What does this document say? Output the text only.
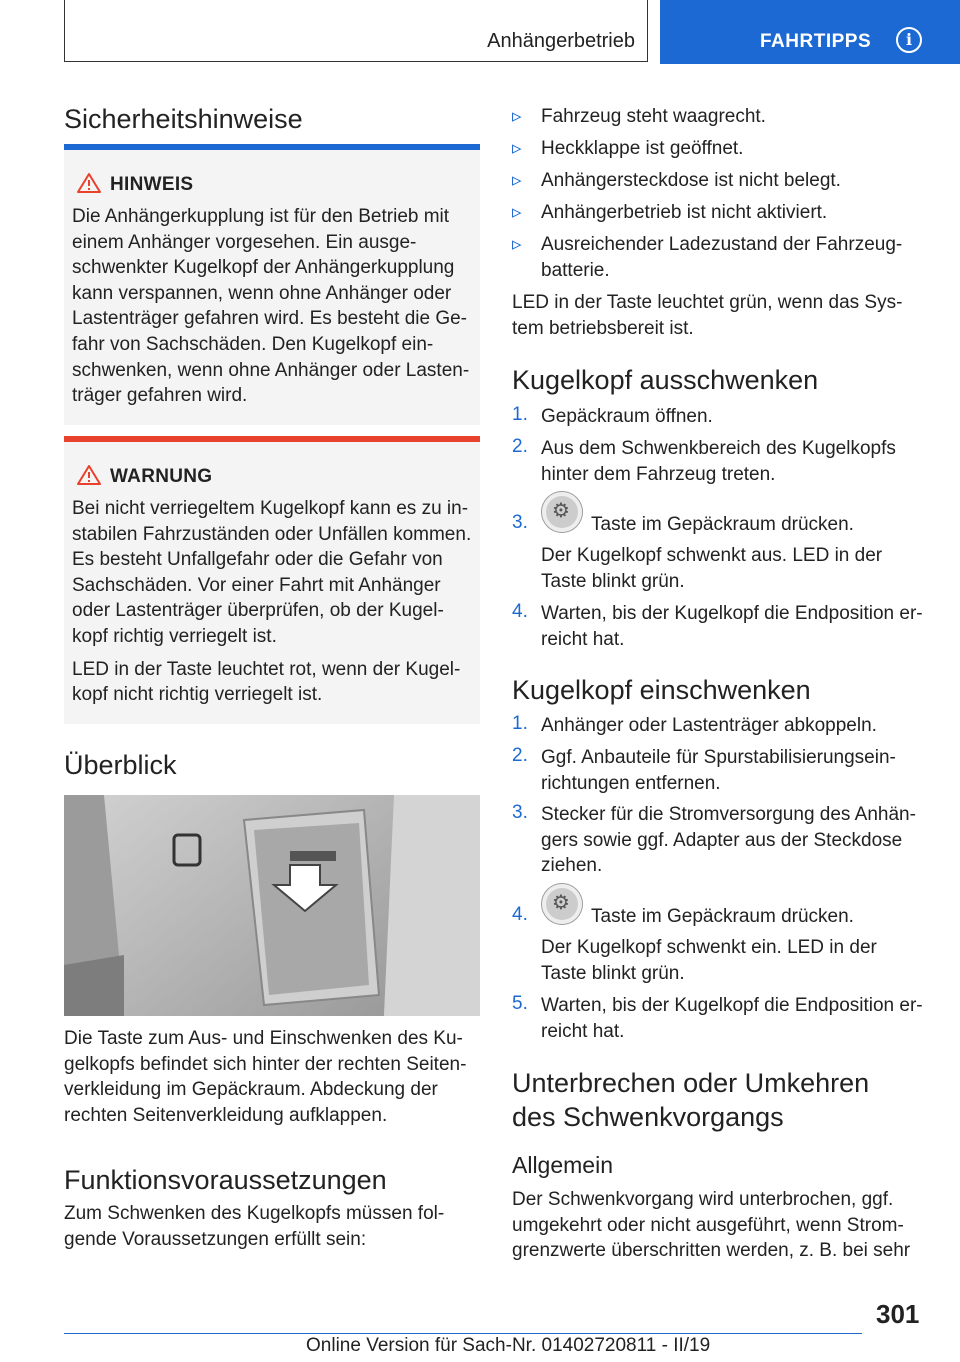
Anhängerbetrieb	FAHRTIPPS	i
Sicherheitshinweise
HINWEIS
Die Anhängerkupplung ist für den Betrieb mit
einem Anhänger vorgesehen. Ein ausge-
schwenkter Kugelkopf der Anhängerkupplung
kann verspannen, wenn ohne Anhänger oder
Lastenträger gefahren wird. Es besteht die Ge-
fahr von Sachschäden. Den Kugelkopf ein-
schwenken, wenn ohne Anhänger oder Lasten-
träger gefahren wird.
WARNUNG
Bei nicht verriegeltem Kugelkopf kann es zu in-
stabilen Fahrzuständen oder Unfällen kommen.
Es besteht Unfallgefahr oder die Gefahr von
Sachschäden. Vor einer Fahrt mit Anhänger
oder Lastenträger überprüfen, ob der Kugel-
kopf richtig verriegelt ist.
LED in der Taste leuchtet rot, wenn der Kugel-
kopf nicht richtig verriegelt ist.
Überblick
Die Taste zum Aus- und Einschwenken des Ku-
gelkopfs befindet sich hinter der rechten Seiten-
verkleidung im Gepäckraum. Abdeckung der
rechten Seitenverkleidung aufklappen.
Funktionsvoraussetzungen
Zum Schwenken des Kugelkopfs müssen fol-
gende Voraussetzungen erfüllt sein:
▹ Fahrzeug steht waagrecht.
▹ Heckklappe ist geöffnet.
▹ Anhängersteckdose ist nicht belegt.
▹ Anhängerbetrieb ist nicht aktiviert.
▹ Ausreichender Ladezustand der Fahrzeug-
batterie.
LED in der Taste leuchtet grün, wenn das Sys-
tem betriebsbereit ist.
Kugelkopf ausschwenken
1. Gepäckraum öffnen.
2. Aus dem Schwenkbereich des Kugelkopfs
hinter dem Fahrzeug treten.
3. ⚙	Taste im Gepäckraum drücken.
Der Kugelkopf schwenkt aus. LED in der
Taste blinkt grün.
4. Warten, bis der Kugelkopf die Endposition er-
reicht hat.
Kugelkopf einschwenken
1. Anhänger oder Lastenträger abkoppeln.
2. Ggf. Anbauteile für Spurstabilisierungsein-
richtungen entfernen.
3. Stecker für die Stromversorgung des Anhän-
gers sowie ggf. Adapter aus der Steckdose
ziehen.
4. ⚙	Taste im Gepäckraum drücken.
Der Kugelkopf schwenkt ein. LED in der
Taste blinkt grün.
5. Warten, bis der Kugelkopf die Endposition er-
reicht hat.
Unterbrechen oder Umkehren
des Schwenkvorgangs
Allgemein
Der Schwenkvorgang wird unterbrochen, ggf.
umgekehrt oder nicht ausgeführt, wenn Strom-
grenzwerte überschritten werden, z. B. bei sehr
301
Online Version für Sach-Nr. 01402720811 - II/19
